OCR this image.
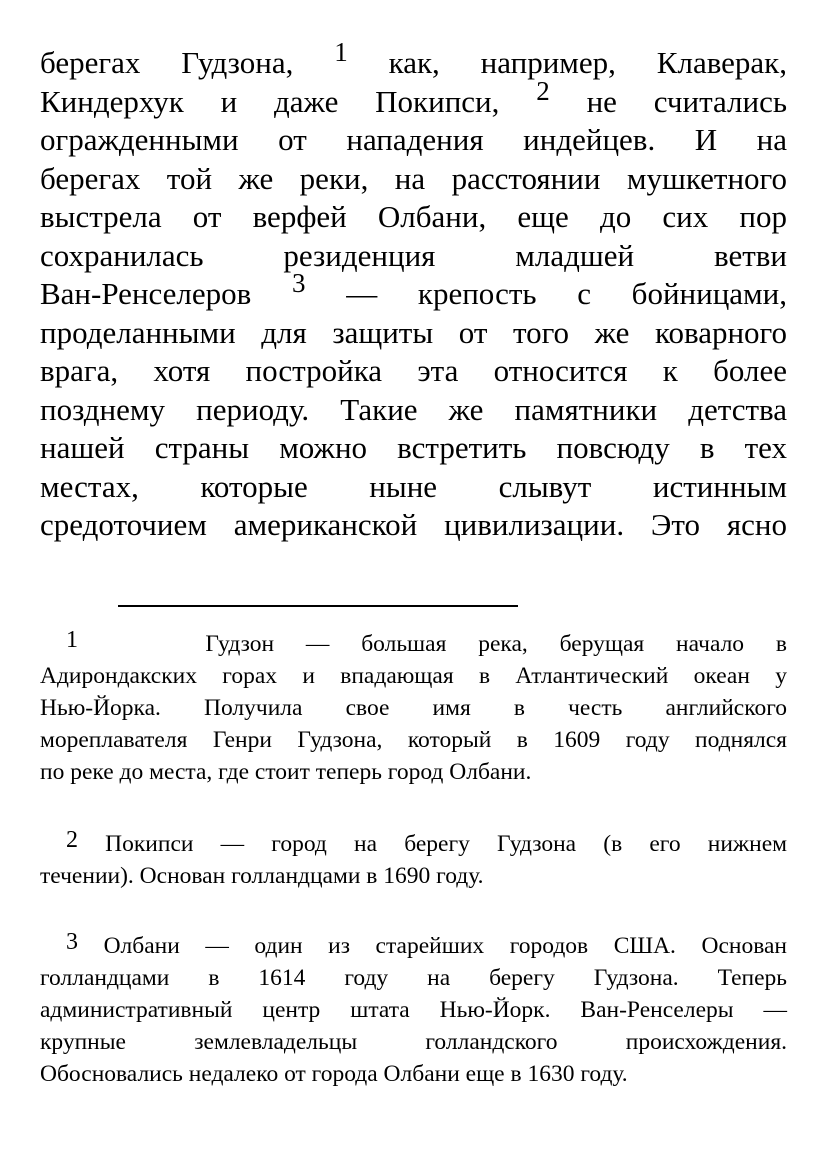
берегах Гудзона, 1 как, например, Клаверак,
Киндерхук и даже Покипси, 2 не считались
огражденными от нападения индейцев. И на
берегах той же реки, на расстоянии мушкетного
выстрела от верфей Олбани, еще до сих пор
сохранилась резиденция младшей ветви
Ван-Ренселеров 3 — крепость с бойницами,
проделанными для защиты от того же коварного
врага, хотя постройка эта относится к более
позднему периоду. Такие же памятники детства
нашей страны можно встретить повсюду в тех
местах, которые ныне слывут истинным
средоточием американской цивилизации. Это ясно
1	Гудзон — большая река, берущая начало в
Адирондакских горах и впадающая в Атлантический океан у
Нью-Йорка. Получила свое имя в честь английского
мореплавателя Генри Гудзона, который в 1609 году поднялся
по реке до места, где стоит теперь город Олбани.
2 Покипси — город на берегу Гудзона (в его нижнем
течении). Основан голландцами в 1690 году.
3 Олбани — один из старейших городов США. Основан
голландцами в 1614 году на берегу Гудзона. Теперь
административный центр штата Нью-Йорк. Ван-Ренселеры —
крупные землевладельцы голландского происхождения.
Обосновались недалеко от города Олбани еще в 1630 году.
